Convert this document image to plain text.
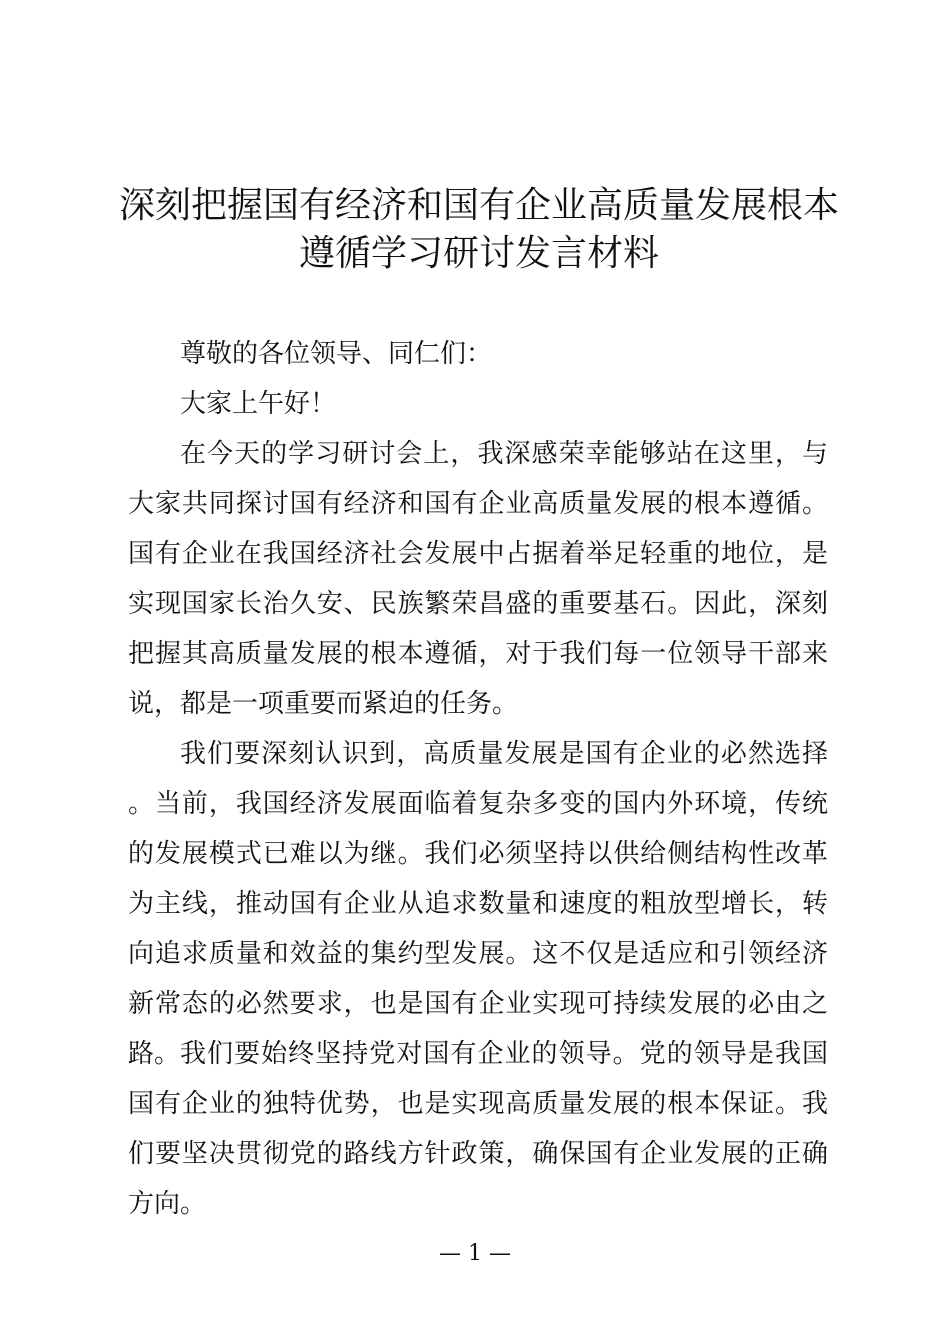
深刻把握国有经济和国有企业高质量发展根本
遵循学习研讨发言材料

尊敬的各位领导、同仁们：

大家上午好！

在今天的学习研讨会上，我深感荣幸能够站在这里，与大家共同探讨国有经济和国有企业高质量发展的根本遵循。国有企业在我国经济社会发展中占据着举足轻重的地位，是实现国家长治久安、民族繁荣昌盛的重要基石。因此，深刻把握其高质量发展的根本遵循，对于我们每一位领导干部来说，都是一项重要而紧迫的任务。

我们要深刻认识到，高质量发展是国有企业的必然选择。当前，我国经济发展面临着复杂多变的国内外环境，传统的发展模式已难以为继。我们必须坚持以供给侧结构性改革为主线，推动国有企业从追求数量和速度的粗放型增长，转向追求质量和效益的集约型发展。这不仅是适应和引领经济新常态的必然要求，也是国有企业实现可持续发展的必由之路。 我们要始终坚持党对国有企业的领导。党的领导是我国国有企业的独特优势，也是实现高质量发展的根本保证。我们要坚决贯彻党的路线方针政策，确保国有企业发展的正确方向。

— 1 —
